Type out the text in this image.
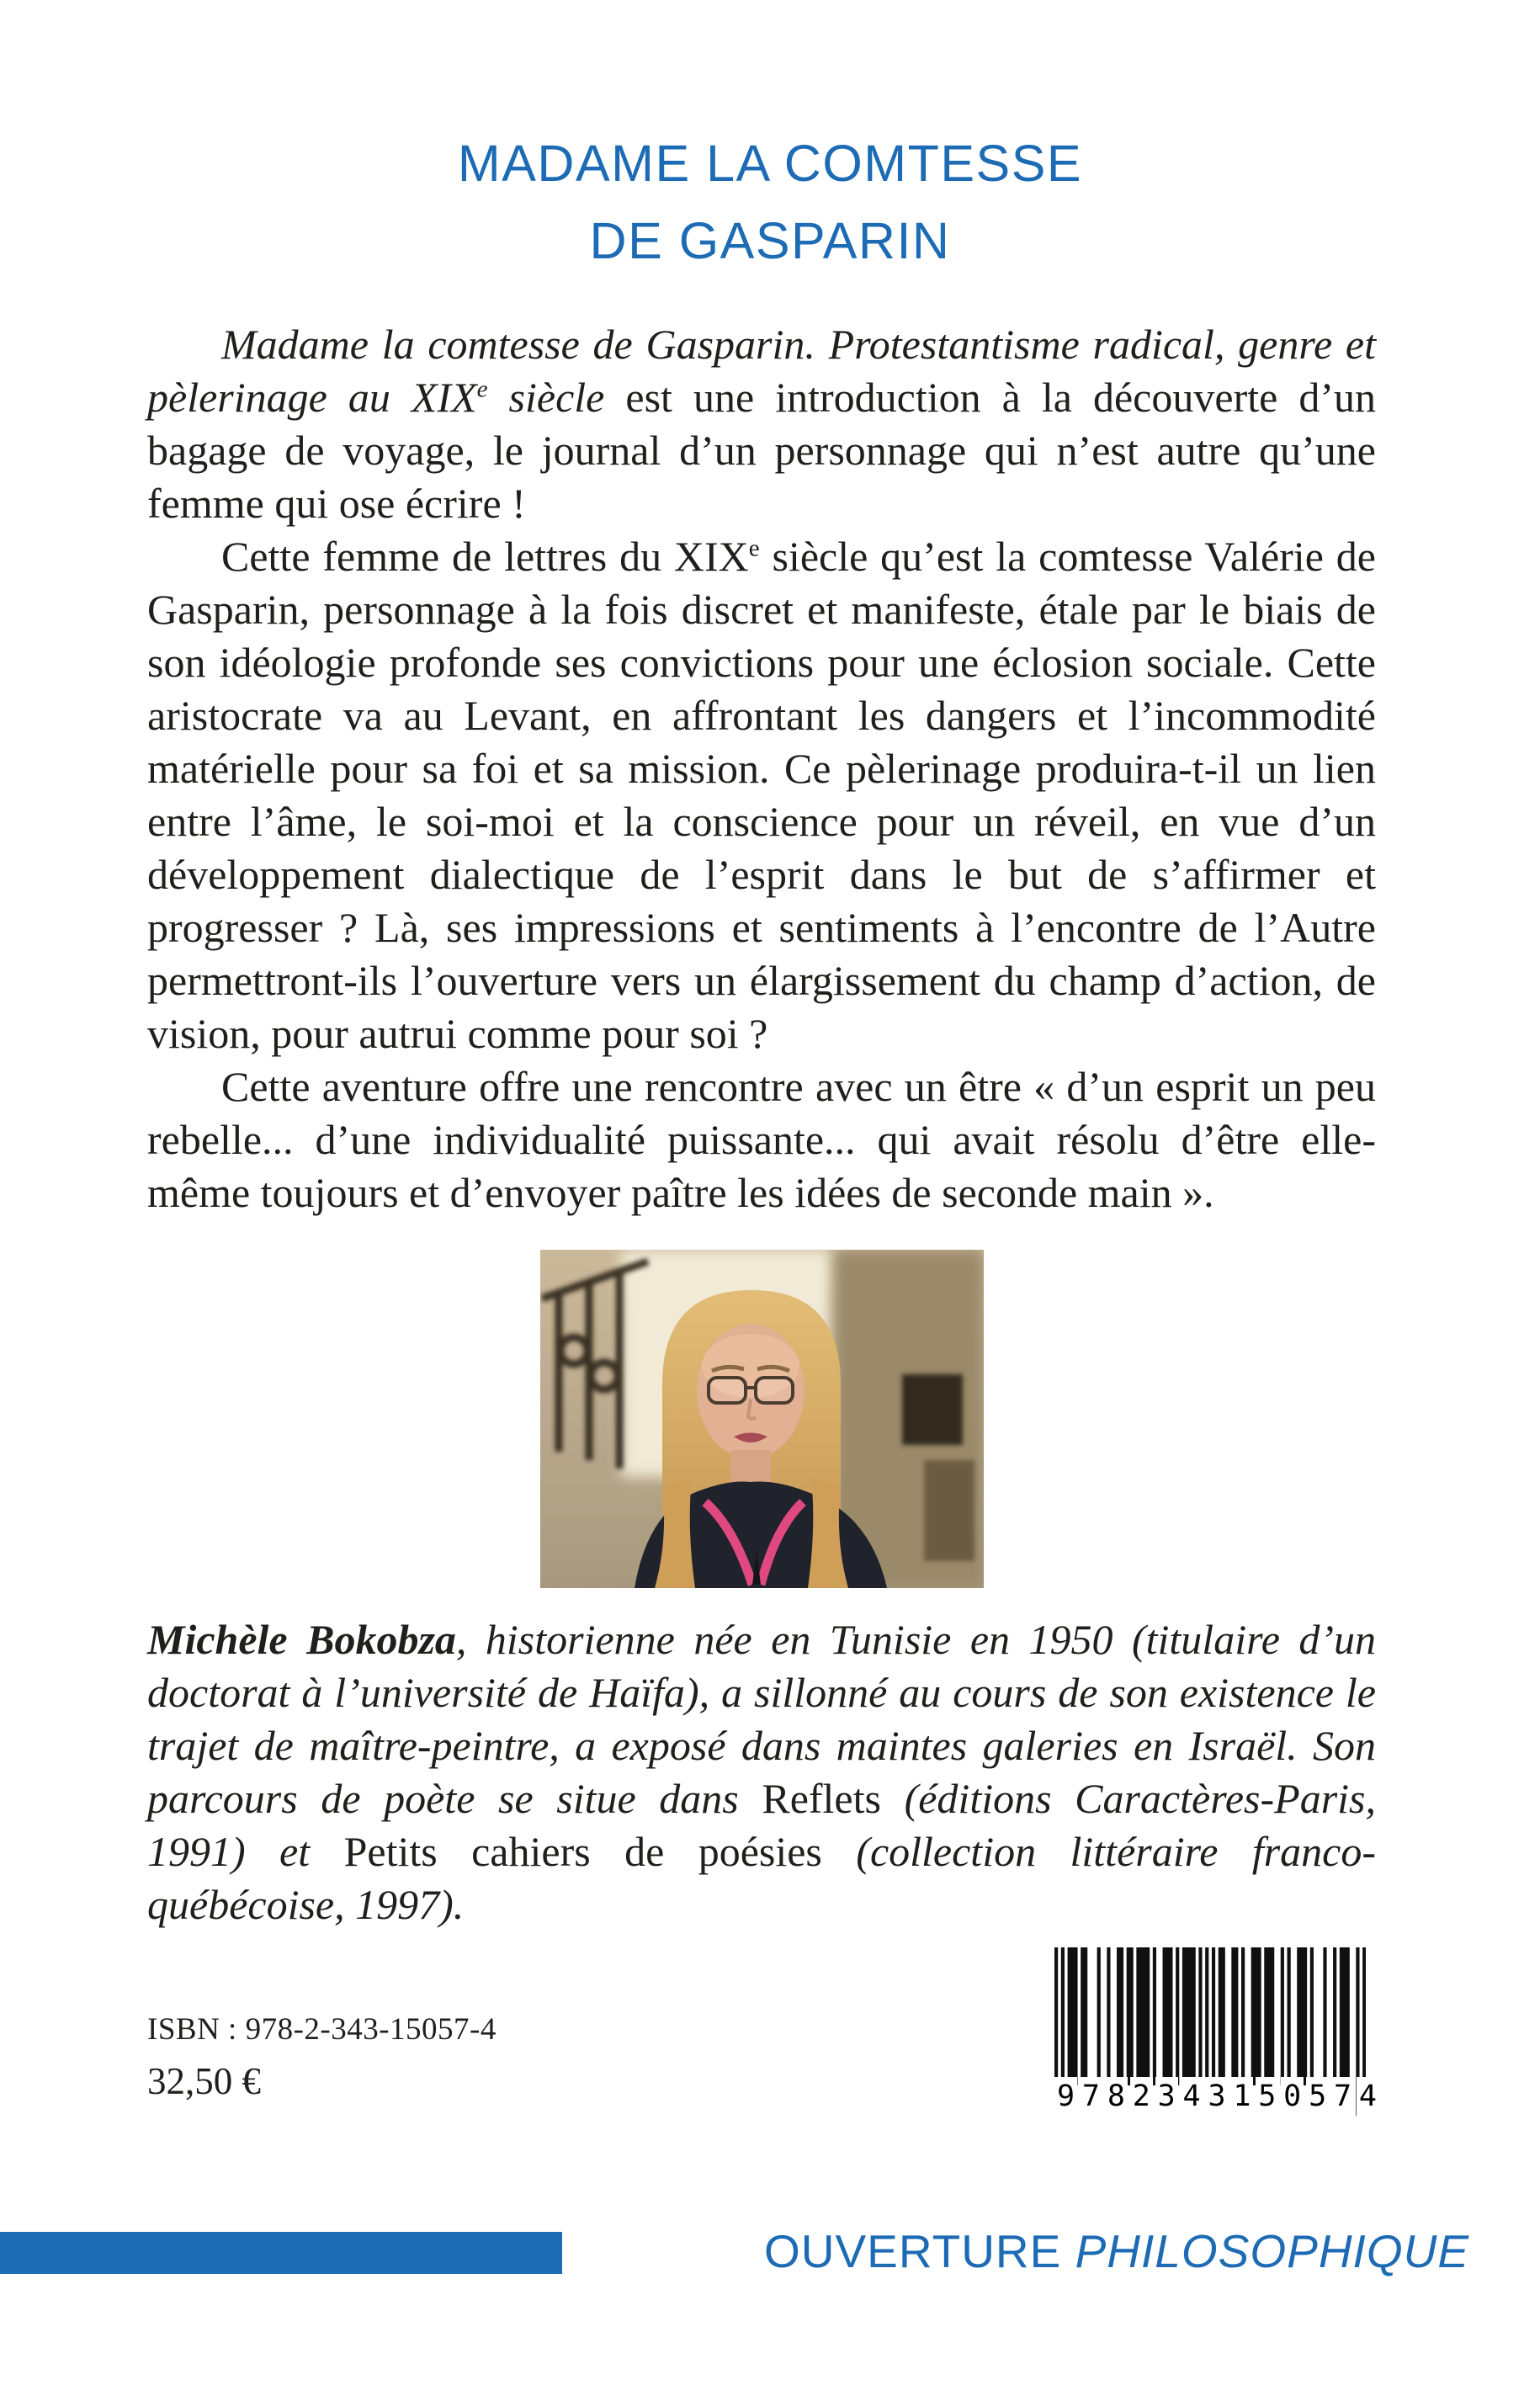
MADAME LA COMTESSE
DE GASPARIN

Madame la comtesse de Gasparin. Protestantisme radical, genre et pèlerinage au XIXe siècle est une introduction à la découverte d’un bagage de voyage, le journal d’un personnage qui n’est autre qu’une femme qui ose écrire !

Cette femme de lettres du XIXe siècle qu’est la comtesse Valérie de Gasparin, personnage à la fois discret et manifeste, étale par le biais de son idéologie profonde ses convictions pour une éclosion sociale. Cette aristocrate va au Levant, en affrontant les dangers et l’incommodité matérielle pour sa foi et sa mission. Ce pèlerinage produira-t-il un lien entre l’âme, le soi-moi et la conscience pour un réveil, en vue d’un développement dialectique de l’esprit dans le but de s’affirmer et progresser ? Là, ses impressions et sentiments à l’encontre de l’Autre permettront-ils l’ouverture vers un élargissement du champ d’action, de vision, pour autrui comme pour soi ?

Cette aventure offre une rencontre avec un être « d’un esprit un peu rebelle... d’une individualité puissante... qui avait résolu d’être elle-même toujours et d’envoyer paître les idées de seconde main ».

Michèle Bokobza, historienne née en Tunisie en 1950 (titulaire d’un doctorat à l’université de Haïfa), a sillonné au cours de son existence le trajet de maître-peintre, a exposé dans maintes galeries en Israël. Son parcours de poète se situe dans Reflets (éditions Caractères-Paris, 1991) et Petits cahiers de poésies (collection littéraire franco-québécoise, 1997).

ISBN : 978-2-343-15057-4
32,50 €	9 7 8 2 3 4 3 1 5 0 5 7 4
OUVERTURE PHILOSOPHIQUE
